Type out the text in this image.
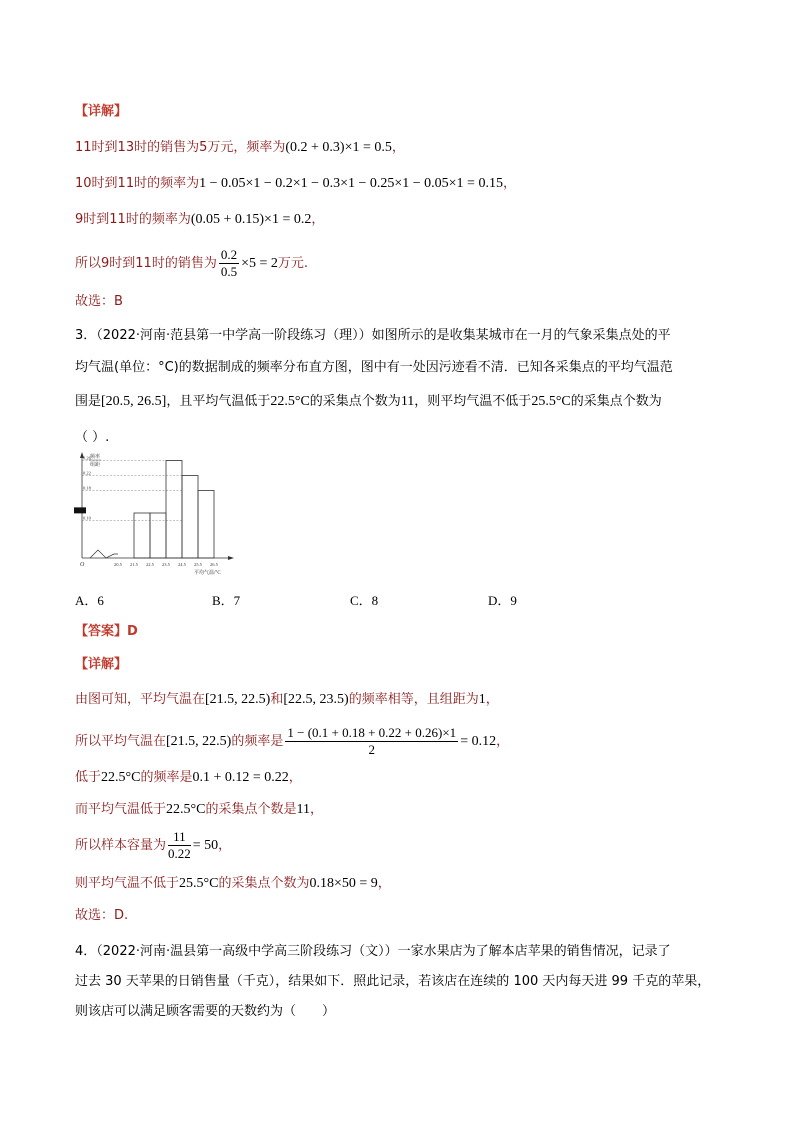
【详解】
11时到13时的销售为5万元，频率为(0.2 + 0.3)×1 = 0.5，
10时到11时的频率为1 − 0.05×1 − 0.2×1 − 0.3×1 − 0.25×1 − 0.05×1 = 0.15，
9时到11时的频率为(0.05 + 0.15)×1 = 0.2，
所以9时到11时的销售为 $\frac{0.2}{0.5} \times 5 = 2$万元.
故选：B
3．（2022·河南·范县第一中学高一阶段练习（理））如图所示的是收集某城市在一月的气象采集点处的平
均气温(单位：°C)的数据制成的频率分布直方图，图中有一处因污迹看不清．已知各采集点的平均气温范
围是[20.5, 26.5]，且平均气温低于22.5°C的采集点个数为11，则平均气温不低于25.5°C的采集点个数为
（ ）.
频率
组距
0.26
0.22
0.18
0.10
20.5 21.5 22.5 23.5 24.5 25.5 26.5
平均气温/°C
O
A．6	B．7	C．8	D．9
【答案】D
【详解】
由图可知，平均气温在[21.5, 22.5)和[22.5, 23.5)的频率相等，且组距为1，
所以平均气温在[21.5, 22.5)的频率是 $\frac{1 - (0.1 + 0.18 + 0.22 + 0.26)\times 1}{2} = 0.12$，
低于22.5°C的频率是0.1 + 0.12 = 0.22，
而平均气温低于22.5°C的采集点个数是11，
所以样本容量为 $\frac{11}{0.22} = 50$，
则平均气温不低于25.5°C的采集点个数为0.18×50 = 9，
故选：D.
4．（2022·河南·温县第一高级中学高三阶段练习（文））一家水果店为了解本店苹果的销售情况，记录了
过去 30 天苹果的日销售量（千克），结果如下．照此记录，若该店在连续的 100 天内每天进 99 千克的苹果，
则该店可以满足顾客需要的天数约为（　　）
